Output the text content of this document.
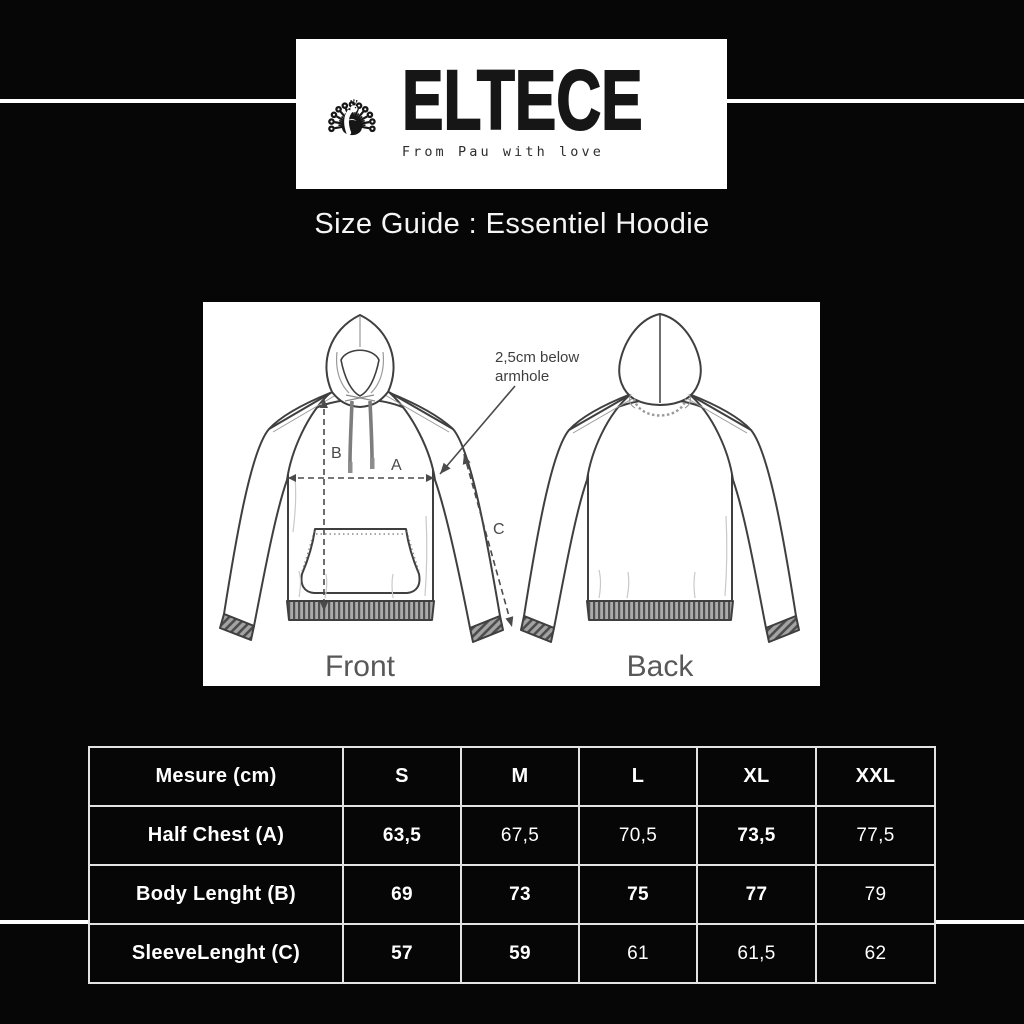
ELTECE
From Pau with love
Size Guide : Essentiel Hoodie
B
A
C
2,5cm below
armhole
Front	Back
Mesure (cm)	S	M	L	XL	XXL
Half Chest (A)	63,5	67,5	70,5	73,5	77,5
Body Lenght (B)	69	73	75	77	79
SleeveLenght (C)	57	59	61	61,5	62
